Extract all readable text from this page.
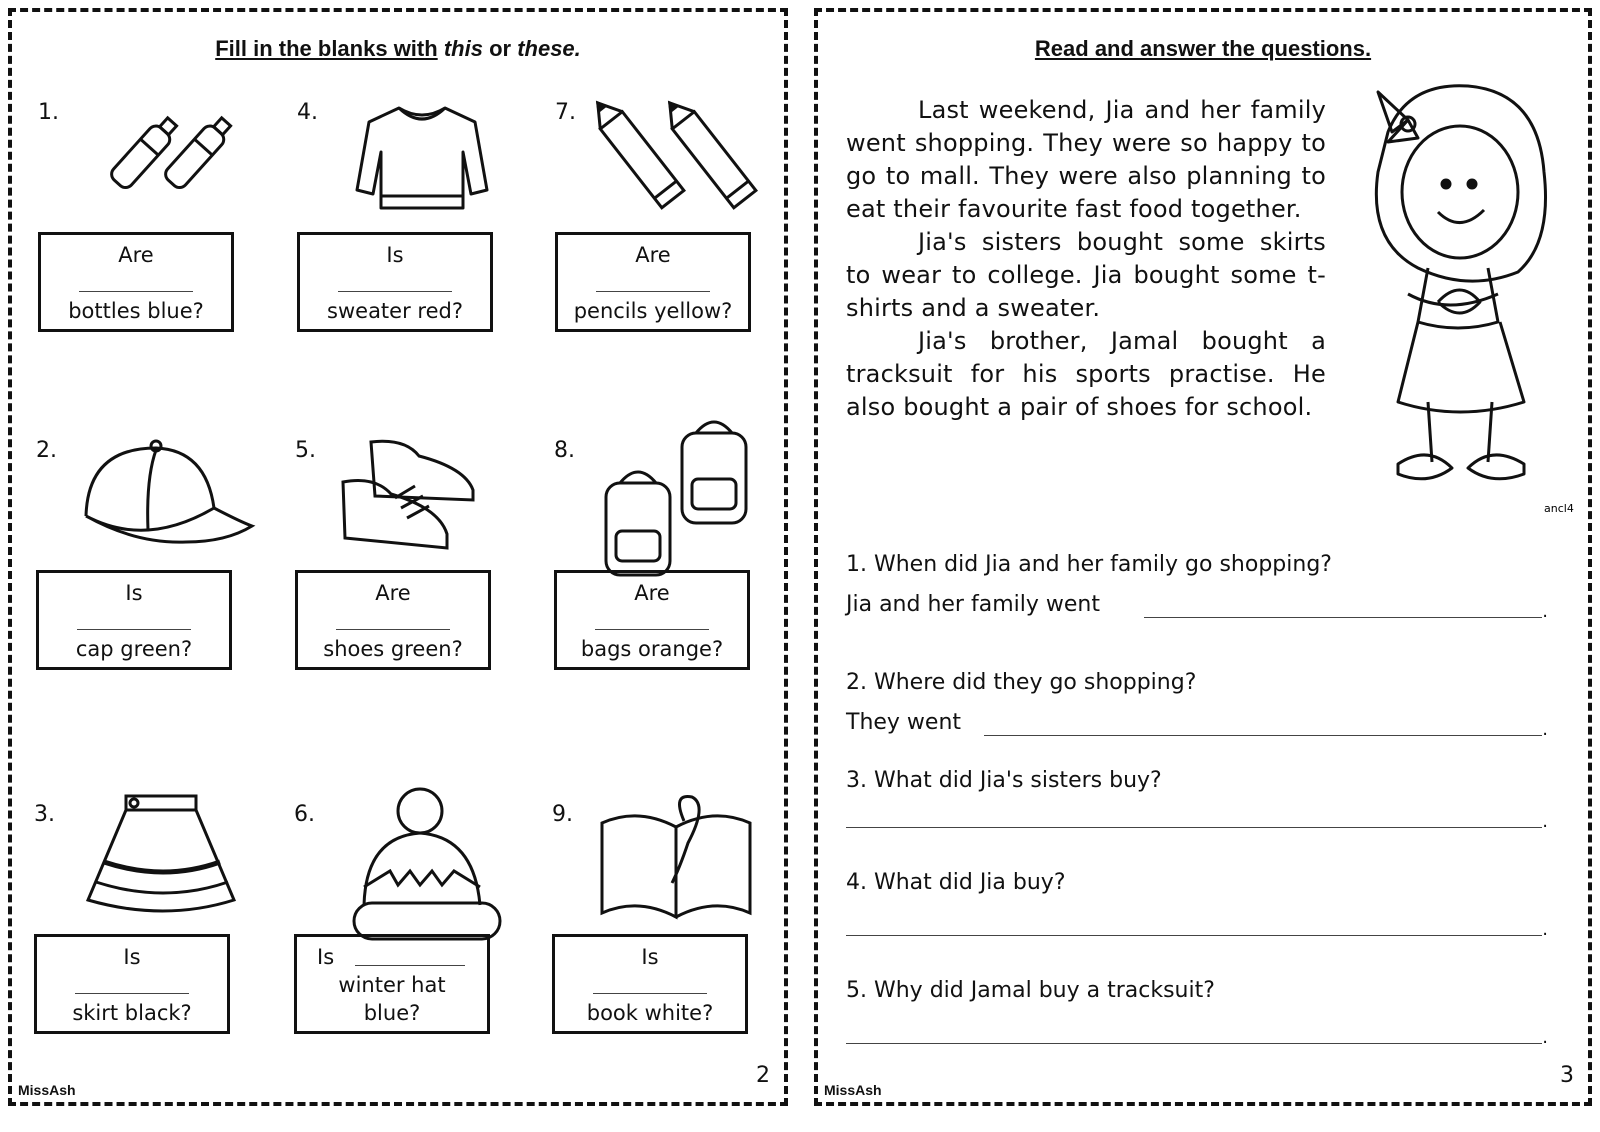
Fill in the blanks with this or these.
1.
Are
bottles blue?
4.
Is
sweater red?
7.
Are
pencils yellow?
2.
Is
cap green?
5.
Are
shoes green?
8.
Are
bags orange?
3.
Is
skirt black?
6.
Is
winter hat
blue?
9.
Is
book white?
MissAsh
2
Read and answer the questions.

Last weekend, Jia and her family went shopping. They were so happy to go to mall. They were also planning to eat their favourite fast food together.

Jia's sisters bought some skirts to wear to college. Jia bought some t-shirts and a sweater.

Jia's brother, Jamal bought a tracksuit for his sports practise. He also bought a pair of shoes for school.

ancl4
1. When did Jia and her family go shopping?
Jia and her family went	.
2. Where did they go shopping?
They went	.
3. What did Jia's sisters buy?
.
4. What did Jia buy?
.
5. Why did Jamal buy a tracksuit?
.
MissAsh
3
